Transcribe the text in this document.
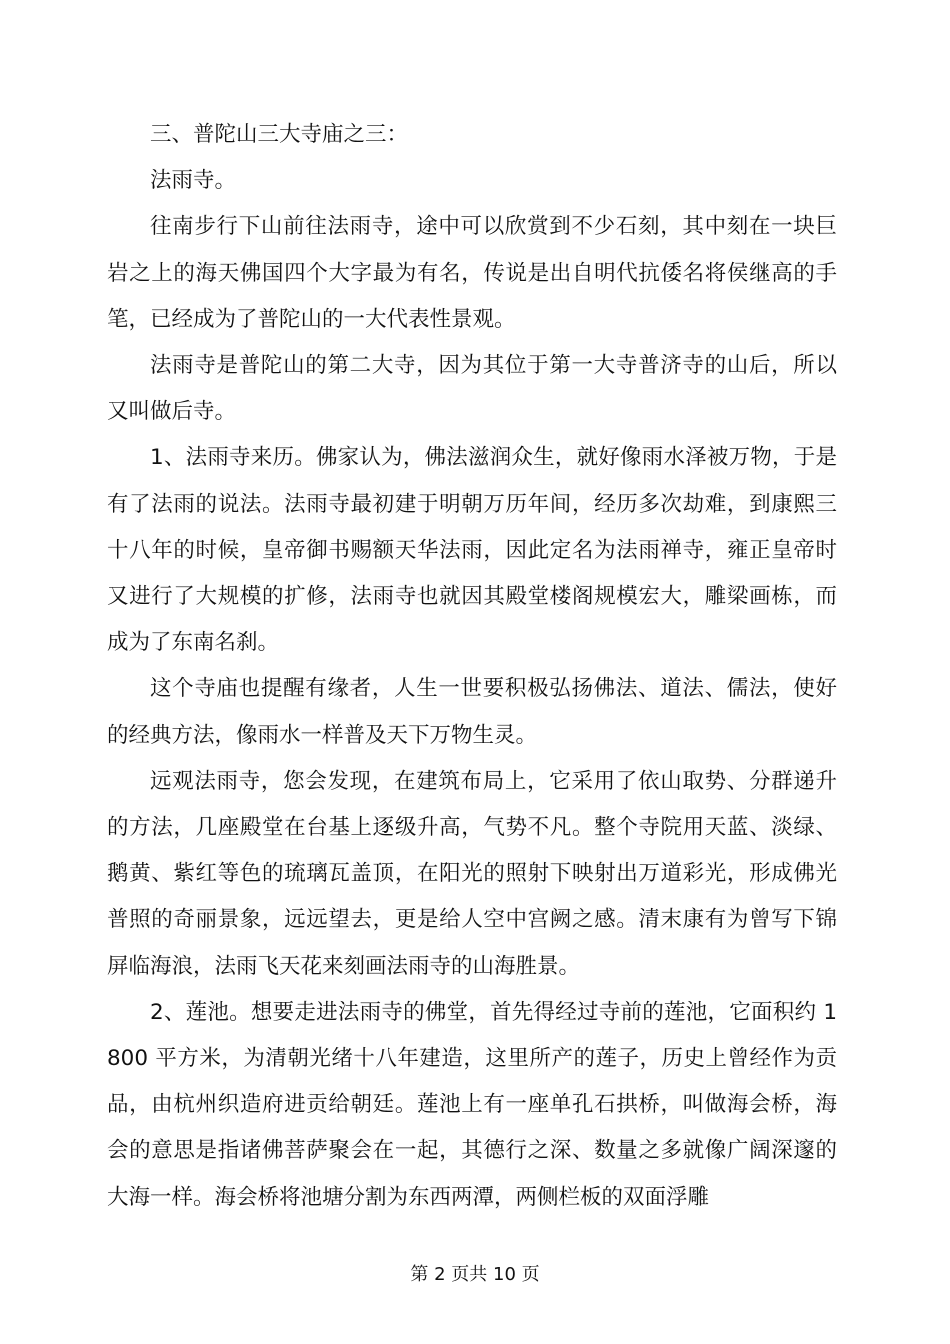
三、普陀山三大寺庙之三：

法雨寺。

往南步行下山前往法雨寺，途中可以欣赏到不少石刻，其中刻在一块巨岩之上的海天佛国四个大字最为有名，传说是出自明代抗倭名将侯继高的手笔，已经成为了普陀山的一大代表性景观。

法雨寺是普陀山的第二大寺，因为其位于第一大寺普济寺的山后，所以又叫做后寺。

1、法雨寺来历。佛家认为，佛法滋润众生，就好像雨水泽被万物，于是有了法雨的说法。法雨寺最初建于明朝万历年间，经历多次劫难，到康熙三十八年的时候，皇帝御书赐额天华法雨，因此定名为法雨禅寺，雍正皇帝时又进行了大规模的扩修，法雨寺也就因其殿堂楼阁规模宏大，雕梁画栋，而成为了东南名刹。

这个寺庙也提醒有缘者，人生一世要积极弘扬佛法、道法、儒法，使好的经典方法，像雨水一样普及天下万物生灵。

远观法雨寺，您会发现，在建筑布局上，它采用了依山取势、分群递升的方法，几座殿堂在台基上逐级升高，气势不凡。整个寺院用天蓝、淡绿、鹅黄、紫红等色的琉璃瓦盖顶，在阳光的照射下映射出万道彩光，形成佛光普照的奇丽景象，远远望去，更是给人空中宫阙之感。清末康有为曾写下锦屏临海浪，法雨飞天花来刻画法雨寺的山海胜景。

2、莲池。想要走进法雨寺的佛堂，首先得经过寺前的莲池，它面积约 1800 平方米，为清朝光绪十八年建造，这里所产的莲子，历史上曾经作为贡品，由杭州织造府进贡给朝廷。莲池上有一座单孔石拱桥，叫做海会桥，海会的意思是指诸佛菩萨聚会在一起，其德行之深、数量之多就像广阔深邃的大海一样。海会桥将池塘分割为东西两潭，两侧栏板的双面浮雕

第 2 页共 10 页
